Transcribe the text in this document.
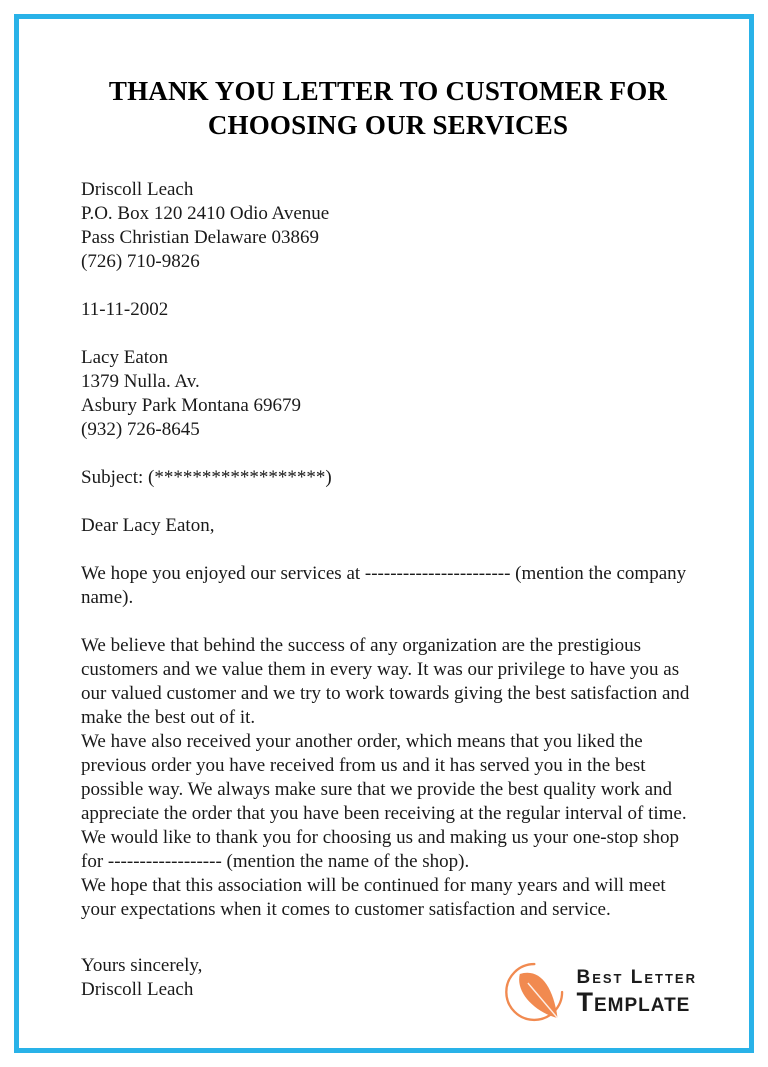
THANK YOU LETTER TO CUSTOMER FOR
CHOOSING OUR SERVICES
Driscoll Leach
P.O. Box 120 2410 Odio Avenue
Pass Christian Delaware 03869
(726) 710-9826
11-11-2002
Lacy Eaton
1379 Nulla. Av.
Asbury Park Montana 69679
(932) 726-8645
Subject: (******************)
Dear Lacy Eaton,

We hope you enjoyed our services at ----------------------- (mention the company name).

We believe that behind the success of any organization are the prestigious customers and we value them in every way. It was our privilege to have you as our valued customer and we try to work towards giving the best satisfaction and make the best out of it.

We have also received your another order, which means that you liked the previous order you have received from us and it has served you in the best possible way. We always make sure that we provide the best quality work and appreciate the order that you have been receiving at the regular interval of time. We would like to thank you for choosing us and making us your one-stop shop for ------------------ (mention the name of the shop).

We hope that this association will be continued for many years and will meet your expectations when it comes to customer satisfaction and service.

Yours sincerely,
Driscoll Leach
Best Letter
Template
